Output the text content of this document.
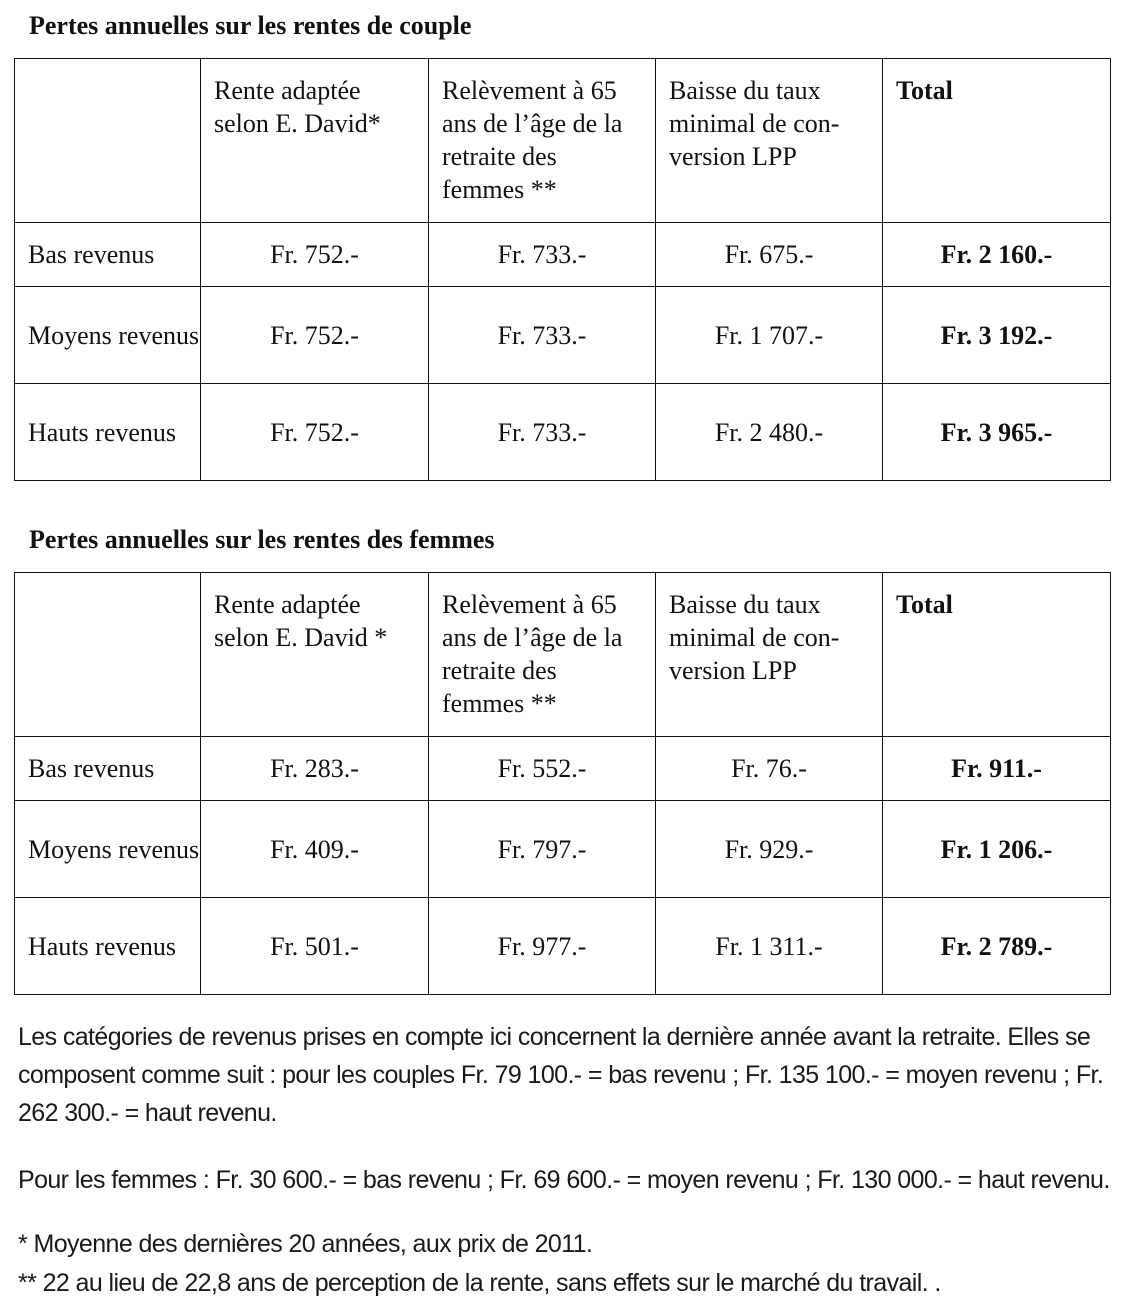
Pertes annuelles sur les rentes de couple
	Rente adaptée selon E. David*	Relèvement à 65 ans de l’âge de la retraite des femmes **	Baisse du taux minimal de con-version LPP	Total
Bas revenus	Fr. 752.-	Fr. 733.-	Fr. 675.-	Fr. 2 160.-
Moyens revenus	Fr. 752.-	Fr. 733.-	Fr. 1 707.-	Fr. 3 192.-
Hauts revenus	Fr. 752.-	Fr. 733.-	Fr. 2 480.-	Fr. 3 965.-
Pertes annuelles sur les rentes des femmes
	Rente adaptée selon E. David *	Relèvement à 65 ans de l’âge de la retraite des femmes **	Baisse du taux minimal de con-version LPP	Total
Bas revenus	Fr. 283.-	Fr. 552.-	Fr. 76.-	Fr. 911.-
Moyens revenus	Fr. 409.-	Fr. 797.-	Fr. 929.-	Fr. 1 206.-
Hauts revenus	Fr. 501.-	Fr. 977.-	Fr. 1 311.-	Fr. 2 789.-
Les catégories de revenus prises en compte ici concernent la dernière année avant la retraite. Elles se composent comme suit : pour les couples Fr. 79 100.- = bas revenu ; Fr. 135 100.- = moyen revenu ; Fr. 262 300.- = haut revenu.
Pour les femmes : Fr. 30 600.- = bas revenu ; Fr. 69 600.- = moyen revenu ; Fr. 130 000.- = haut revenu.
* Moyenne des dernières 20 années, aux prix de 2011.
** 22 au lieu de 22,8 ans de perception de la rente, sans effets sur le marché du travail. .
